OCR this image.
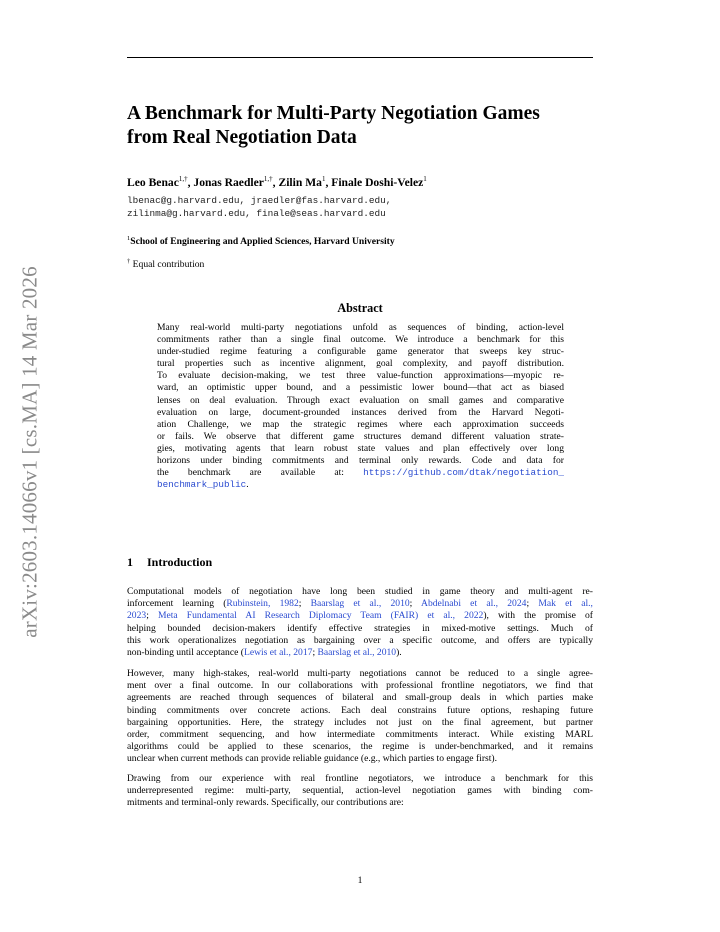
arXiv:2603.14066v1 [cs.MA] 14 Mar 2026
A Benchmark for Multi-Party Negotiation Games
from Real Negotiation Data
Leo Benac$^{1,\dagger}$, Jonas Raedler$^{1,\dagger}$, Zilin Ma$^1$, Finale Doshi-Velez$^1$
lbenac@g.harvard.edu, jraedler@fas.harvard.edu,
zilinma@g.harvard.edu, finale@seas.harvard.edu
$^1$School of Engineering and Applied Sciences, Harvard University
† Equal contribution
Abstract
Many real-world multi-party negotiations unfold as sequences of binding, action-level
commitments rather than a single final outcome. We introduce a benchmark for this
under-studied regime featuring a configurable game generator that sweeps key struc-
tural properties such as incentive alignment, goal complexity, and payoff distribution.
To evaluate decision-making, we test three value-function approximations—myopic re-
ward, an optimistic upper bound, and a pessimistic lower bound—that act as biased
lenses on deal evaluation. Through exact evaluation on small games and comparative
evaluation on large, document-grounded instances derived from the Harvard Negoti-
ation Challenge, we map the strategic regimes where each approximation succeeds
or fails. We observe that different game structures demand different valuation strate-
gies, motivating agents that learn robust state values and plan effectively over long
horizons under binding commitments and terminal only rewards. Code and data for
the benchmark are available at: https://github.com/dtak/negotiation_
benchmark_public.
1 Introduction
Computational models of negotiation have long been studied in game theory and multi-agent re-
inforcement learning (Rubinstein, 1982; Baarslag et al., 2010; Abdelnabi et al., 2024; Mak et al.,
2023; Meta Fundamental AI Research Diplomacy Team (FAIR) et al., 2022), with the promise of
helping bounded decision-makers identify effective strategies in mixed-motive settings. Much of
this work operationalizes negotiation as bargaining over a specific outcome, and offers are typically
non-binding until acceptance (Lewis et al., 2017; Baarslag et al., 2010).
However, many high-stakes, real-world multi-party negotiations cannot be reduced to a single agree-
ment over a final outcome. In our collaborations with professional frontline negotiators, we find that
agreements are reached through sequences of bilateral and small-group deals in which parties make
binding commitments over concrete actions. Each deal constrains future options, reshaping future
bargaining opportunities. Here, the strategy includes not just on the final agreement, but partner
order, commitment sequencing, and how intermediate commitments interact. While existing MARL
algorithms could be applied to these scenarios, the regime is under-benchmarked, and it remains
unclear when current methods can provide reliable guidance (e.g., which parties to engage first).
Drawing from our experience with real frontline negotiators, we introduce a benchmark for this
underrepresented regime: multi-party, sequential, action-level negotiation games with binding com-
mitments and terminal-only rewards. Specifically, our contributions are:
1
